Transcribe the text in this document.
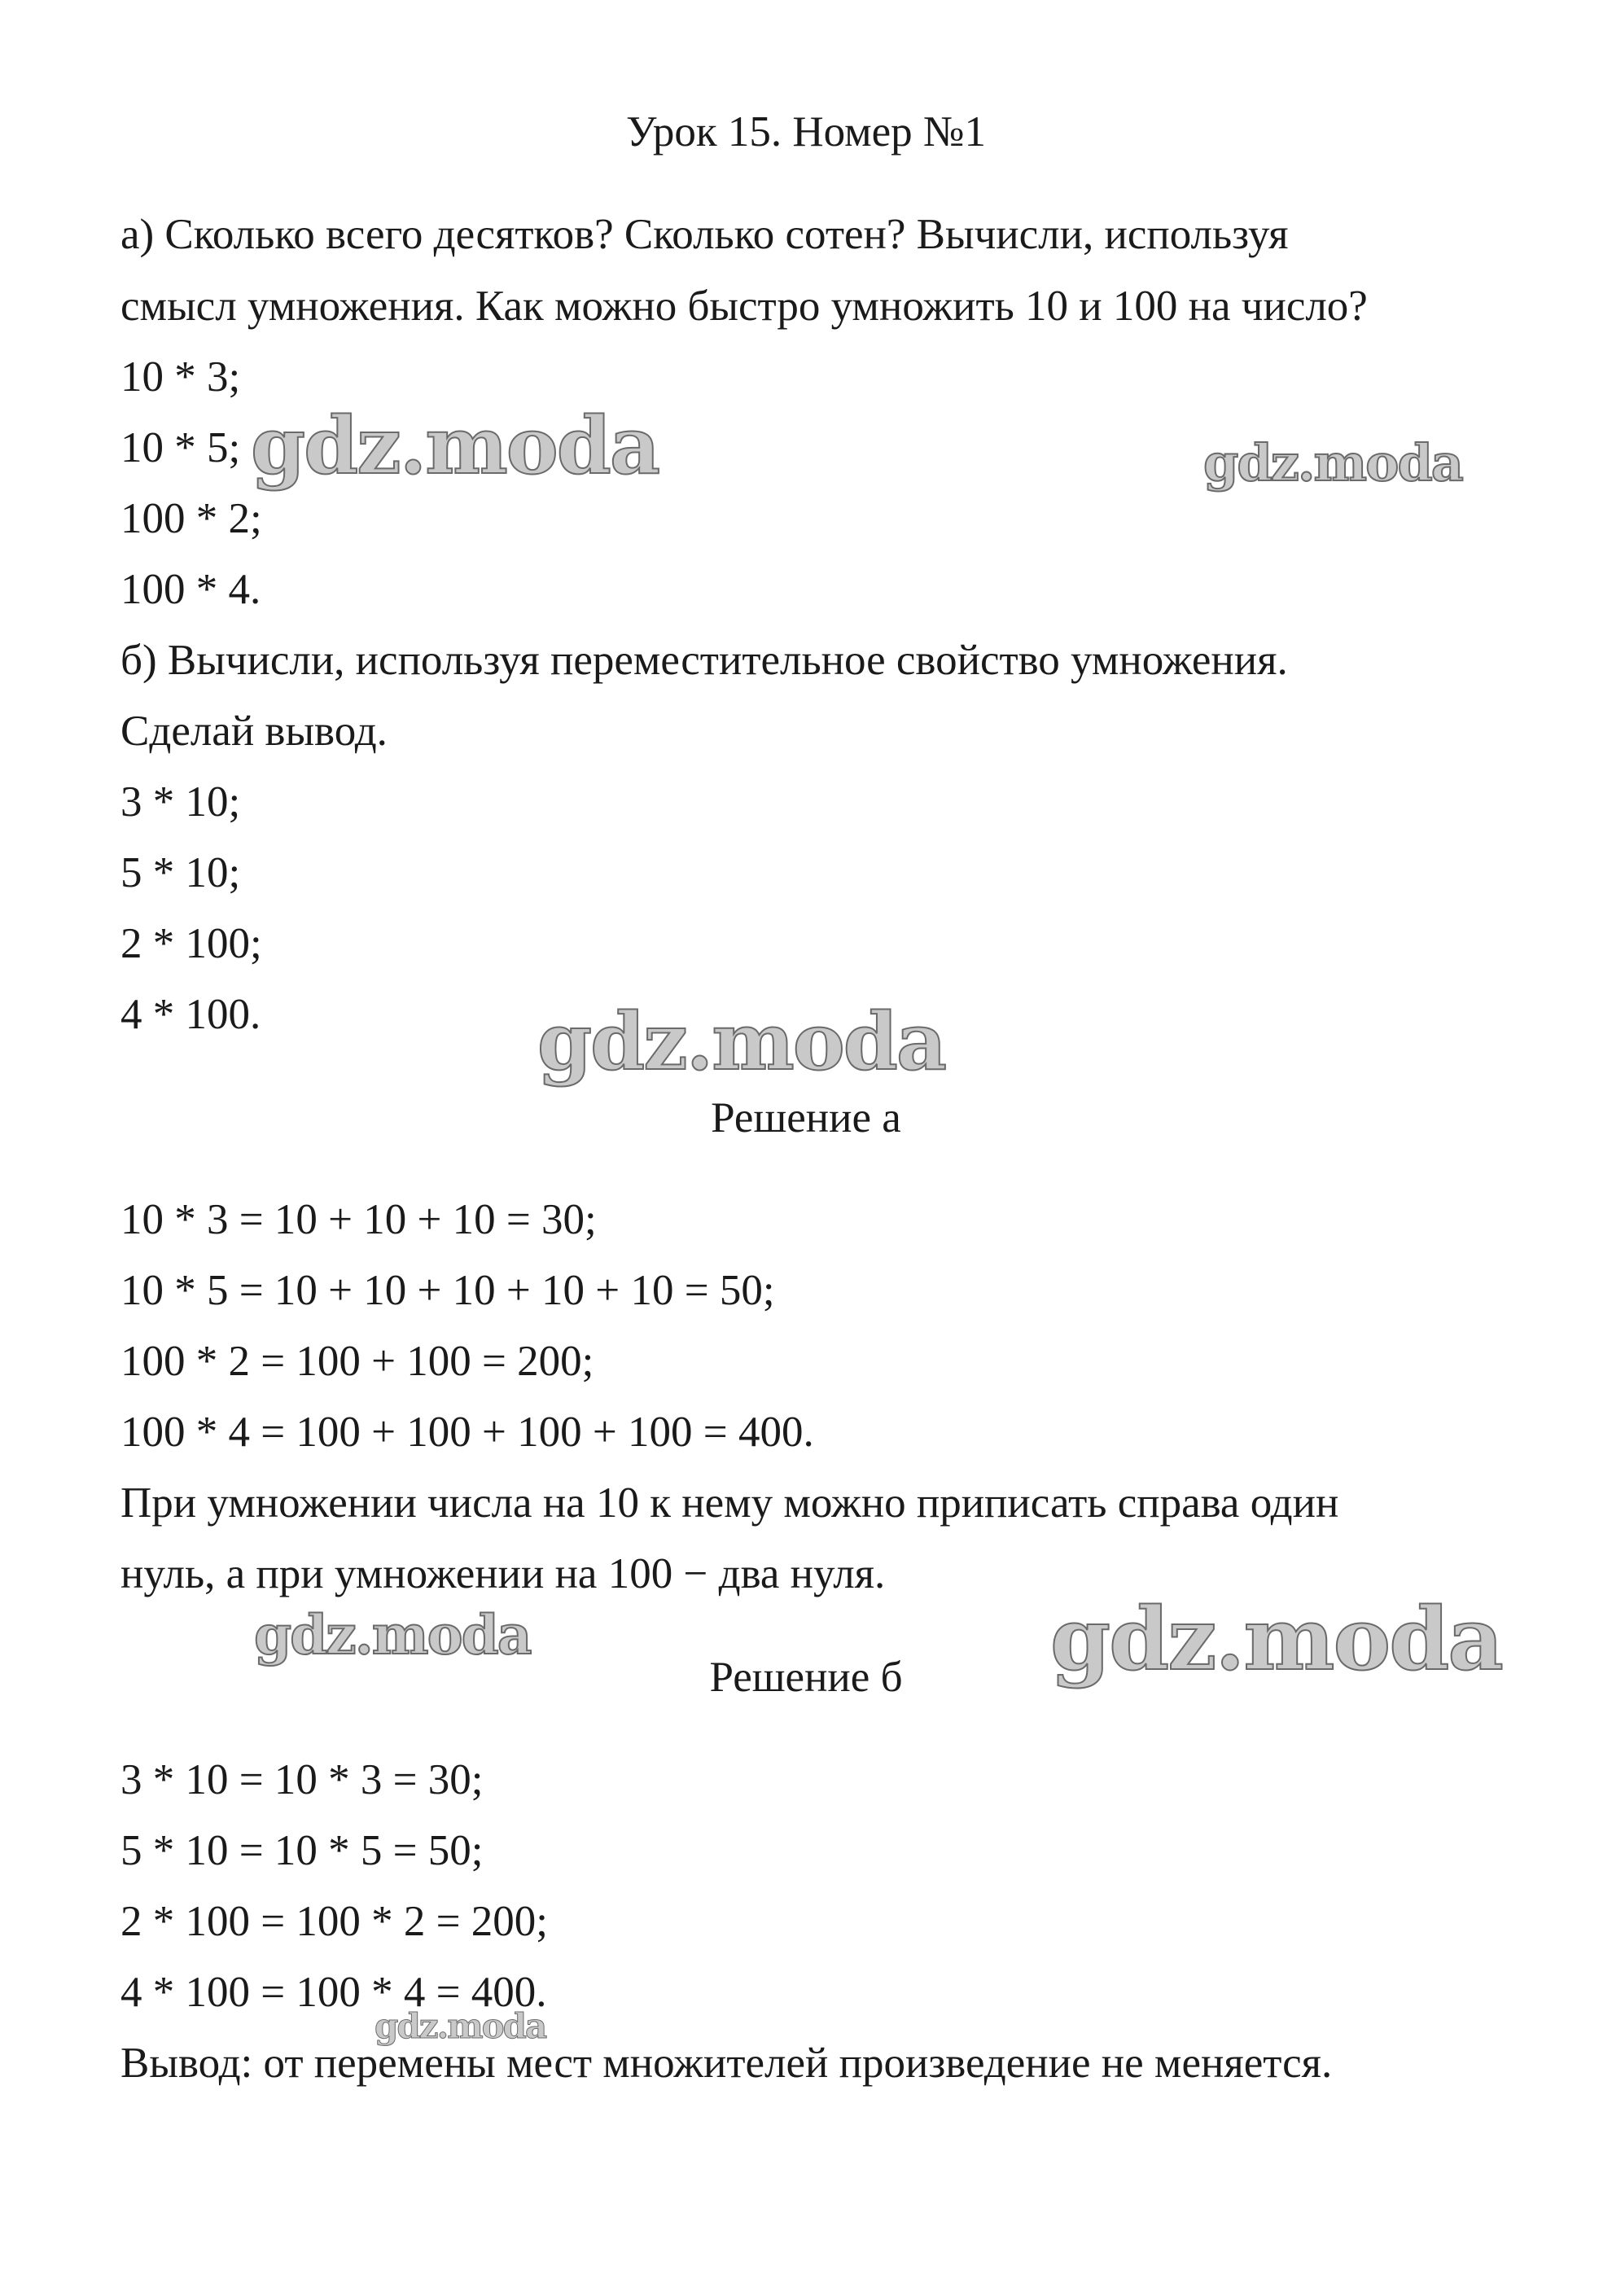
Урок 15. Номер №1
а) Сколько всего десятков? Сколько сотен? Вычисли, используя
смысл умножения. Как можно быстро умножить 10 и 100 на число?
10 * 3;
10 * 5;
100 * 2;
100 * 4.
б) Вычисли, используя переместительное свойство умножения.
Сделай вывод.
3 * 10;
5 * 10;
2 * 100;
4 * 100.
Решение а
10 * 3 = 10 + 10 + 10 = 30;
10 * 5 = 10 + 10 + 10 + 10 + 10 = 50;
100 * 2 = 100 + 100 = 200;
100 * 4 = 100 + 100 + 100 + 100 = 400.
При умножении числа на 10 к нему можно приписать справа один
нуль, а при умножении на 100 − два нуля.
Решение б
3 * 10 = 10 * 3 = 30;
5 * 10 = 10 * 5 = 50;
2 * 100 = 100 * 2 = 200;
4 * 100 = 100 * 4 = 400.
Вывод: от перемены мест множителей произведение не меняется.
gdz.moda	gdz.moda
gdz.moda
gdz.moda	gdz.moda
gdz.moda
